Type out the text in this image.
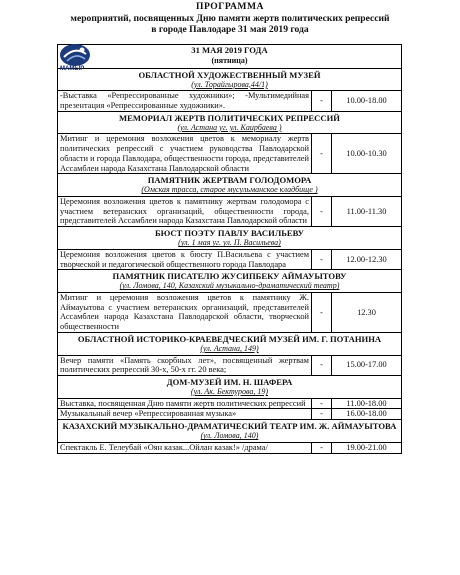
ПРОГРАММА
мероприятий, посвященных Дню памяти жертв политических репрессий
в городе Павлодаре 31 мая 2019 года
31 МАЯ 2019 ГОДА
(пятница)		

ОБЛАСТНОЙ ХУДОЖЕСТВЕННЫЙ МУЗЕЙ
(ул. Торайгырова,44/1)		

-Выставка «Репрессированные художники»; -Мультимедийная презентация «Репрессированные художники».	-	10.00-18.00

МЕМОРИАЛ ЖЕРТВ ПОЛИТИЧЕСКИХ РЕПРЕССИЙ
(ул. Астана уг. ул. Каирбаева )		

Митинг и церемония возложения цветов к мемориалу жертв политических репрессий с участием руководства Павлодарской области и города Павлодара, общественности города, представителей Ассамблеи народа Казахстана Павлодарской области	-	10.00-10.30

ПАМЯТНИК ЖЕРТВАМ ГОЛОДОМОРА
(Омская трасса, старое мусульманское кладбище )		

Церемония возложения цветов к памятнику жертвам голодомора с участием ветеранских организаций, общественности города, представителей Ассамблеи народа Казахстана Павлодарской области	-	11.00-11.30

БЮСТ ПОЭТУ ПАВЛУ ВАСИЛЬЕВУ
(ул. 1 мая уг. ул. П. Васильева)		

Церемония возложения цветов к бюсту П.Васильева с участием творческой и педагогической общественного города Павлодара	-	12.00-12.30

ПАМЯТНИК ПИСАТЕЛЮ ЖУСИПБЕКУ АЙМАУЫТОВУ
(ул. Ломова, 140, Казахский музыкально-драматический театр)		

Митинг и церемония возложения цветов к памятнику Ж. Аймауытова с участием ветеранских организаций, представителей Ассамблеи народа Казахстана Павлодарской области, творческой общественности	-	12.30

ОБЛАСТНОЙ ИСТОРИКО-КРАЕВЕДЧЕСКИЙ МУЗЕЙ ИМ. Г. ПОТАНИНА
(ул. Астана, 149)		

Вечер памяти «Память скорбных лет», посвященный жертвам политических репрессий 30-х, 50-х гг. 20 века;	-	15.00-17.00

ДОМ-МУЗЕЙ ИМ. Н. ШАФЕРА
(ул. Ак. Бектурова, 19)		

Выставка, посвященная Дню памяти жертв политических репрессий	-	11.00-18.00
Музыкальный вечер «Репрессированная музыка»	-	16.00-18.00

КАЗАХСКИЙ МУЗЫКАЛЬНО-ДРАМАТИЧЕСКИЙ ТЕАТР ИМ. Ж. АЙМАУЫТОВА
(ул. Ломова, 140)		

Спектакль Е. Телеубай «Оян казак...Ойлан казак!» /драма/	-	19.00-21.00
МАМЫР
